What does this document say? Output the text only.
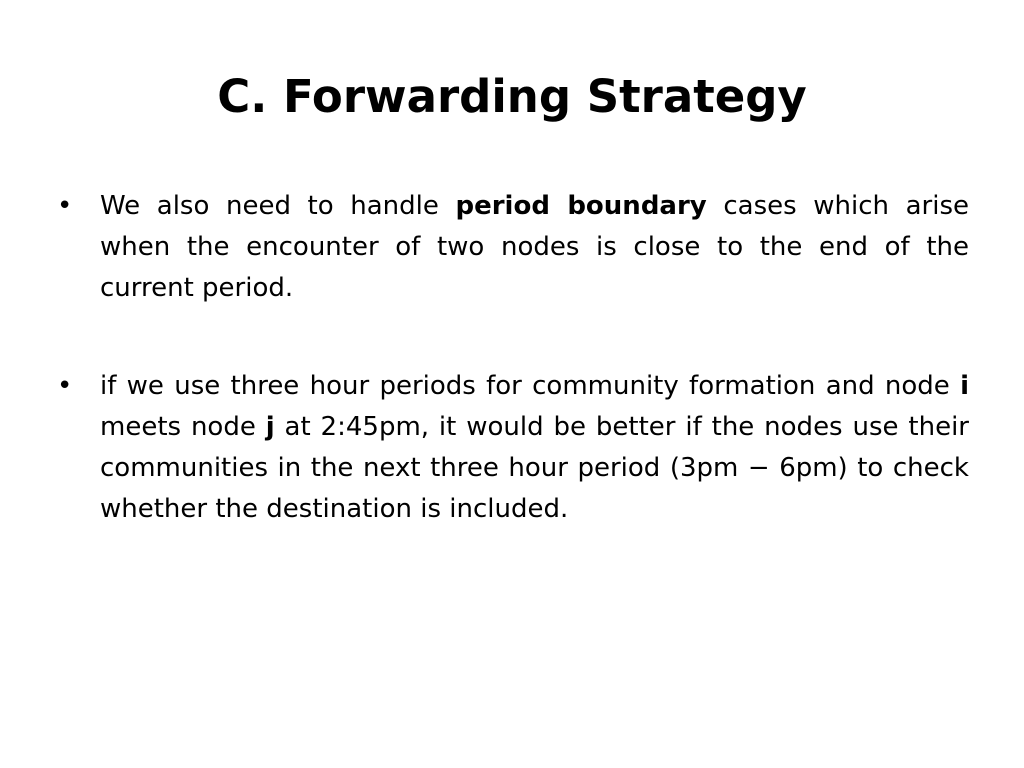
C. Forwarding Strategy
•	We also need to handle period boundary cases which arise when the encounter of two nodes is close to the end of the current period.
•	if we use three hour periods for community formation and node i meets node j at 2:45pm, it would be better if the nodes use their communities in the next three hour period (3pm − 6pm) to check whether the destination is included.
